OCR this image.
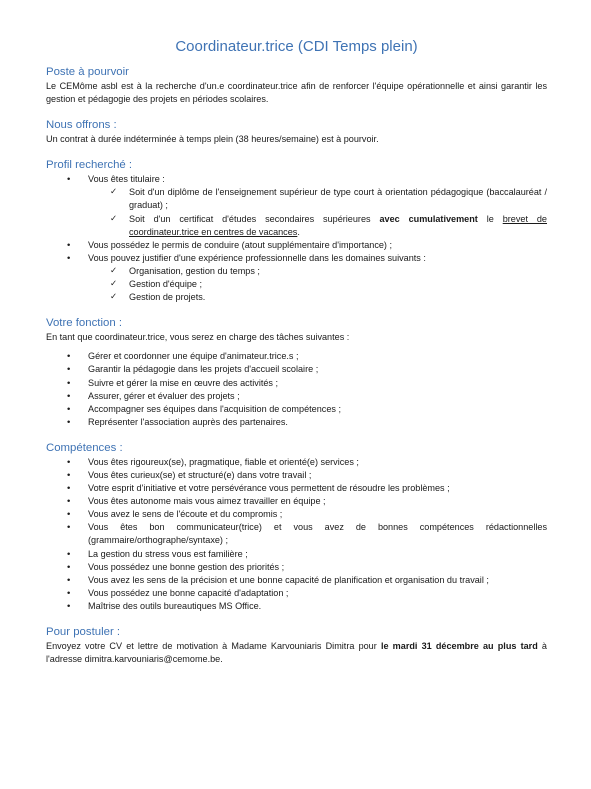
Coordinateur.trice (CDI Temps plein)
Poste à pourvoir

Le CEMôme asbl est à la recherche d'un.e coordinateur.trice afin de renforcer l'équipe opérationnelle et ainsi garantir les gestion et pédagogie des projets en périodes scolaires.

Nous offrons :

Un contrat à durée indéterminée à temps plein (38 heures/semaine) est à pourvoir.

Profil recherché :
• Vous êtes titulaire :
✓ Soit d'un diplôme de l'enseignement supérieur de type court à orientation pédagogique (baccalauréat / graduat) ;
✓ Soit d'un certificat d'études secondaires supérieures avec cumulativement le brevet de coordinateur.trice en centres de vacances.
• Vous possédez le permis de conduire (atout supplémentaire d'importance) ;
• Vous pouvez justifier d'une expérience professionnelle dans les domaines suivants :
✓ Organisation, gestion du temps ;
✓ Gestion d'équipe ;
✓ Gestion de projets.
Votre fonction :

En tant que coordinateur.trice, vous serez en charge des tâches suivantes :

• Gérer et coordonner une équipe d'animateur.trice.s ;
• Garantir la pédagogie dans les projets d'accueil scolaire ;
• Suivre et gérer la mise en œuvre des activités ;
• Assurer, gérer et évaluer des projets ;
• Accompagner ses équipes dans l'acquisition de compétences ;
• Représenter l'association auprès des partenaires.
Compétences :
• Vous êtes rigoureux(se), pragmatique, fiable et orienté(e) services ;
• Vous êtes curieux(se) et structuré(e) dans votre travail ;
• Votre esprit d'initiative et votre persévérance vous permettent de résoudre les problèmes ;
• Vous êtes autonome mais vous aimez travailler en équipe ;
• Vous avez le sens de l'écoute et du compromis ;
• Vous êtes bon communicateur(trice) et vous avez de bonnes compétences rédactionnelles (grammaire/orthographe/syntaxe) ;
• La gestion du stress vous est familière ;
• Vous possédez une bonne gestion des priorités ;
• Vous avez les sens de la précision et une bonne capacité de planification et organisation du travail ;
• Vous possédez une bonne capacité d'adaptation ;
• Maîtrise des outils bureautiques MS Office.
Pour postuler :

Envoyez votre CV et lettre de motivation à Madame Karvouniaris Dimitra pour le mardi 31 décembre au plus tard à l'adresse dimitra.karvouniaris@cemome.be.
